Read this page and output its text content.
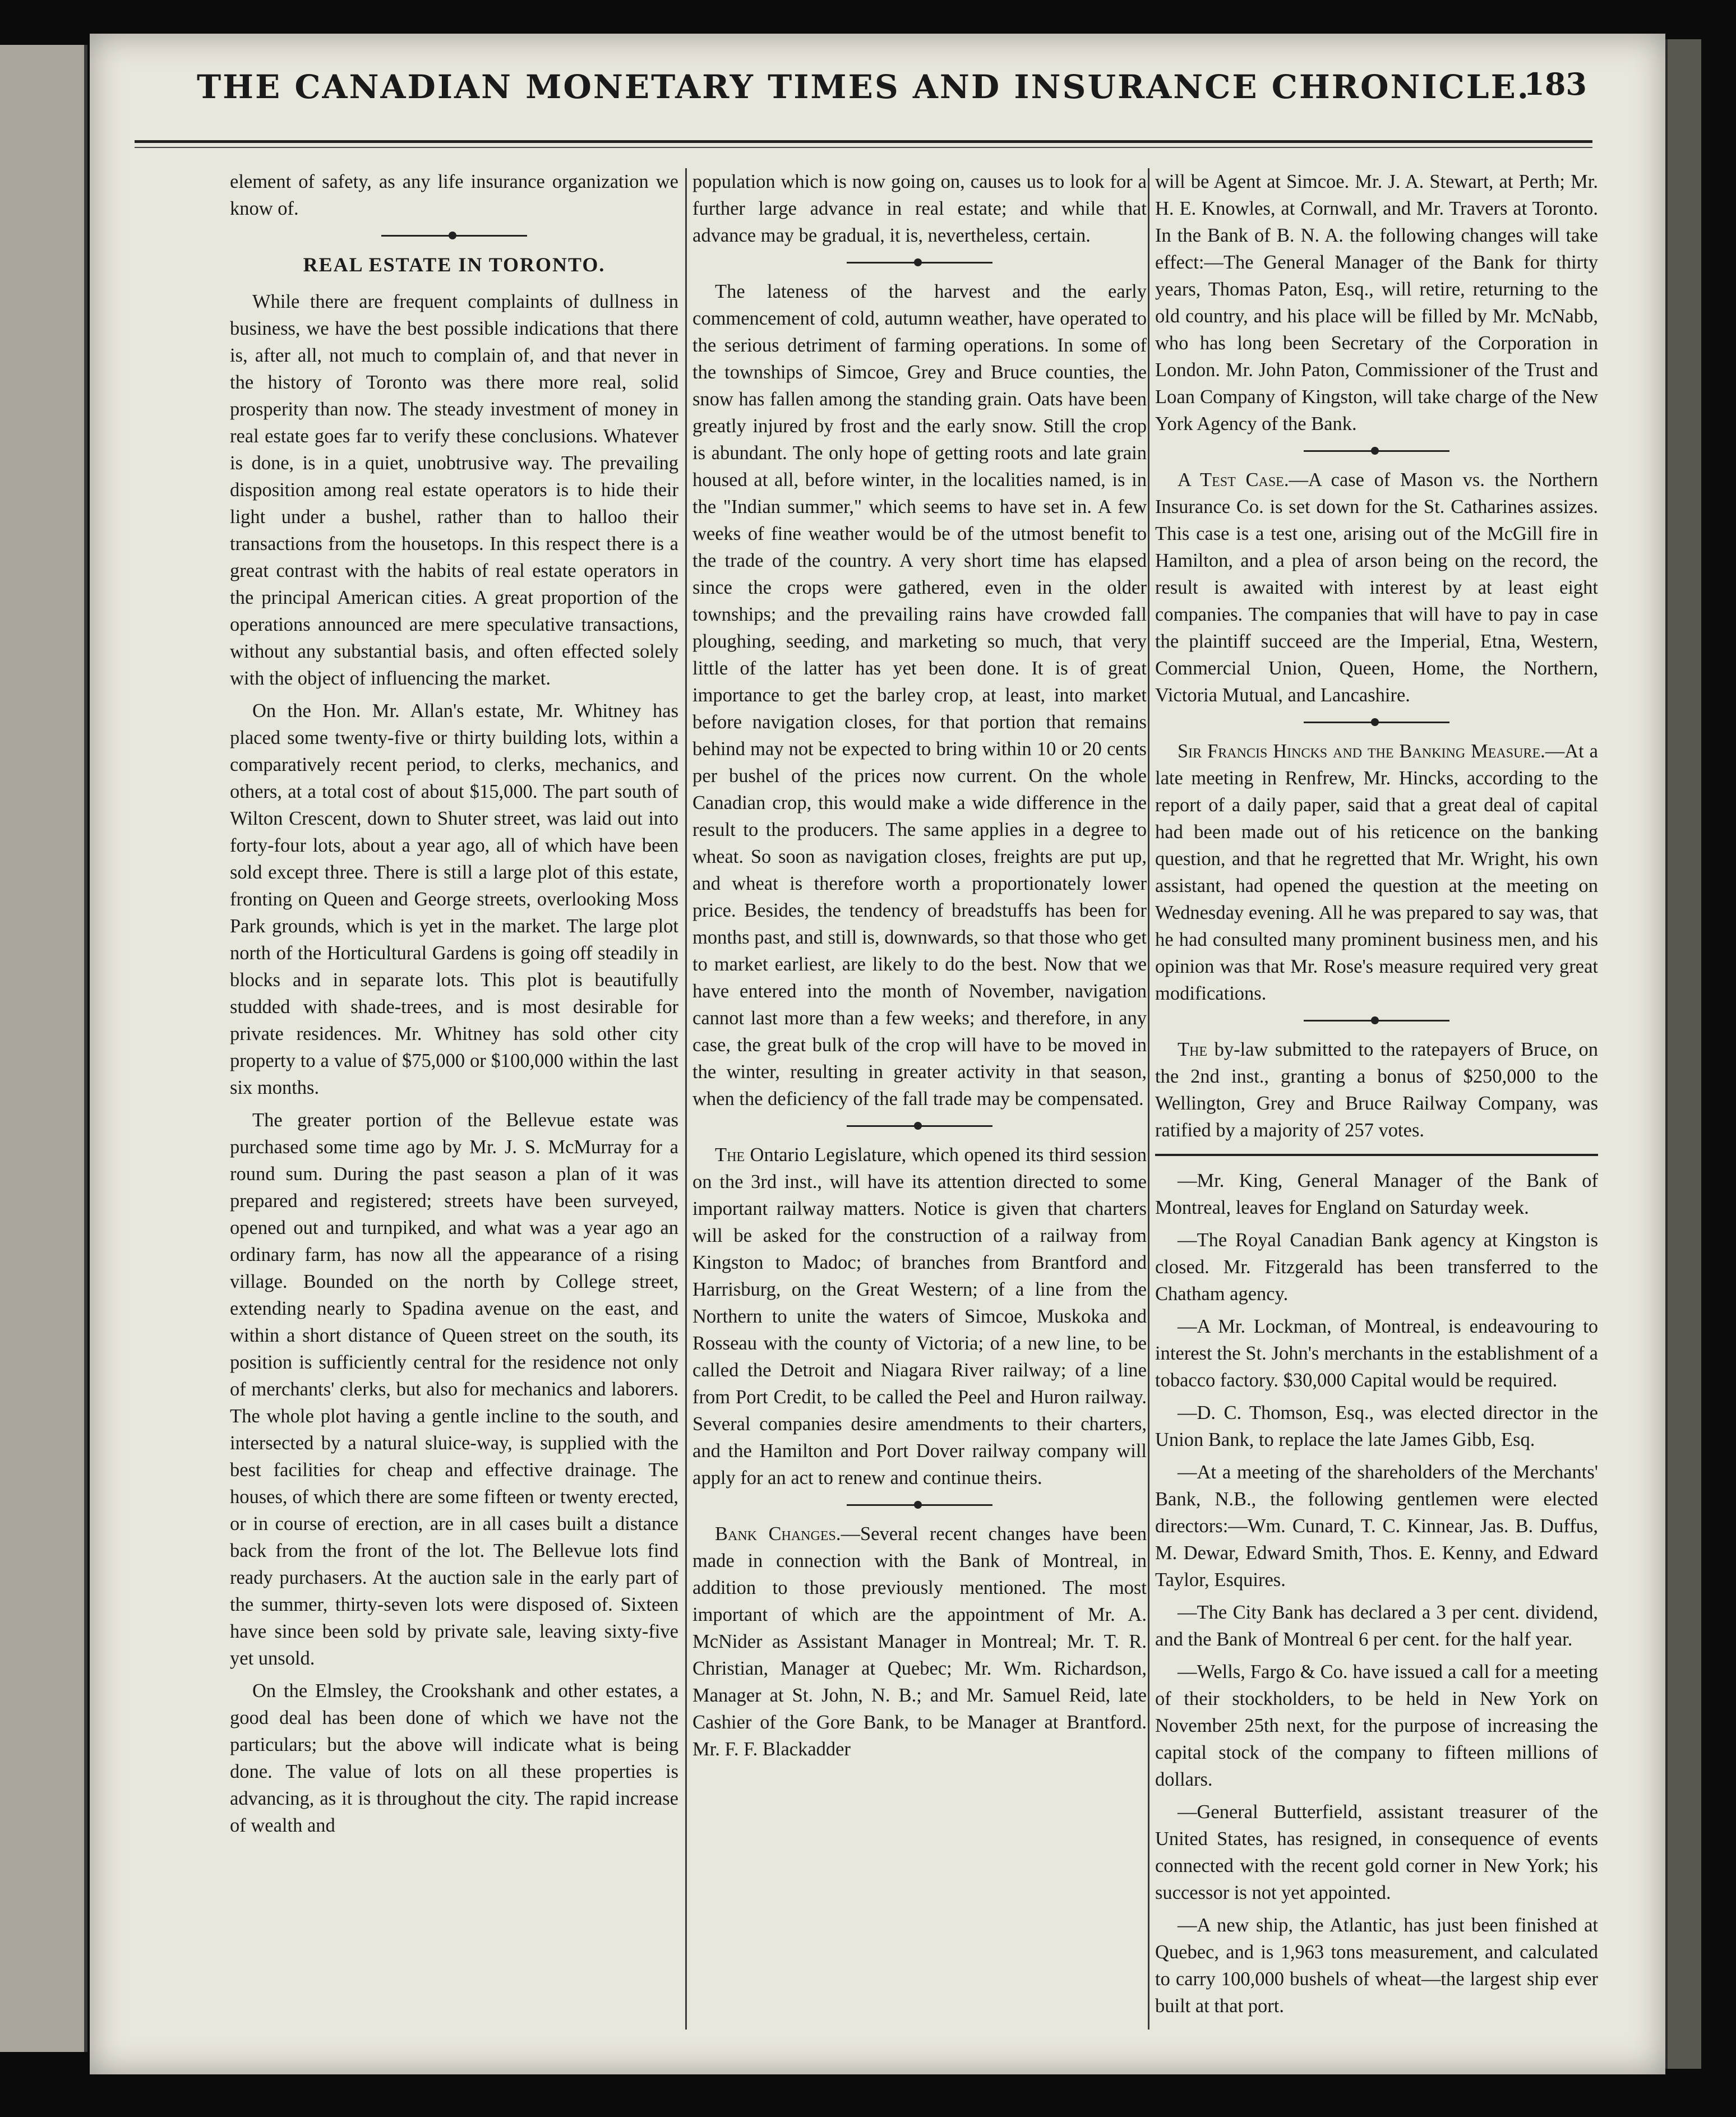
THE CANADIAN MONETARY TIMES AND INSURANCE CHRONICLE.
183

element of safety, as any life insurance organization we know of.

REAL ESTATE IN TORONTO.

While there are frequent complaints of dullness in business, we have the best possible indications that there is, after all, not much to complain of, and that never in the history of Toronto was there more real, solid prosperity than now. The steady investment of money in real estate goes far to verify these conclusions. Whatever is done, is in a quiet, unobtrusive way. The prevailing disposition among real estate operators is to hide their light under a bushel, rather than to halloo their transactions from the housetops. In this respect there is a great contrast with the habits of real estate operators in the principal American cities. A great proportion of the operations announced are mere speculative transactions, without any substantial basis, and often effected solely with the object of influencing the market.

On the Hon. Mr. Allan's estate, Mr. Whitney has placed some twenty-five or thirty building lots, within a comparatively recent period, to clerks, mechanics, and others, at a total cost of about $15,000. The part south of Wilton Crescent, down to Shuter street, was laid out into forty-four lots, about a year ago, all of which have been sold except three. There is still a large plot of this estate, fronting on Queen and George streets, overlooking Moss Park grounds, which is yet in the market. The large plot north of the Horticultural Gardens is going off steadily in blocks and in separate lots. This plot is beautifully studded with shade-trees, and is most desirable for private residences. Mr. Whitney has sold other city property to a value of $75,000 or $100,000 within the last six months.

The greater portion of the Bellevue estate was purchased some time ago by Mr. J. S. McMurray for a round sum. During the past season a plan of it was prepared and registered; streets have been surveyed, opened out and turnpiked, and what was a year ago an ordinary farm, has now all the appearance of a rising village. Bounded on the north by College street, extending nearly to Spadina avenue on the east, and within a short distance of Queen street on the south, its position is sufficiently central for the residence not only of merchants' clerks, but also for mechanics and laborers. The whole plot having a gentle incline to the south, and intersected by a natural sluice-way, is supplied with the best facilities for cheap and effective drainage. The houses, of which there are some fifteen or twenty erected, or in course of erection, are in all cases built a distance back from the front of the lot. The Bellevue lots find ready purchasers. At the auction sale in the early part of the summer, thirty-seven lots were disposed of. Sixteen have since been sold by private sale, leaving sixty-five yet unsold.

On the Elmsley, the Crookshank and other estates, a good deal has been done of which we have not the particulars; but the above will indicate what is being done. The value of lots on all these properties is advancing, as it is throughout the city. The rapid increase of wealth and

population which is now going on, causes us to look for a further large advance in real estate; and while that advance may be gradual, it is, nevertheless, certain.

The lateness of the harvest and the early commencement of cold, autumn weather, have operated to the serious detriment of farming operations. In some of the townships of Simcoe, Grey and Bruce counties, the snow has fallen among the standing grain. Oats have been greatly injured by frost and the early snow. Still the crop is abundant. The only hope of getting roots and late grain housed at all, before winter, in the localities named, is in the "Indian summer," which seems to have set in. A few weeks of fine weather would be of the utmost benefit to the trade of the country. A very short time has elapsed since the crops were gathered, even in the older townships; and the prevailing rains have crowded fall ploughing, seeding, and marketing so much, that very little of the latter has yet been done. It is of great importance to get the barley crop, at least, into market before navigation closes, for that portion that remains behind may not be expected to bring within 10 or 20 cents per bushel of the prices now current. On the whole Canadian crop, this would make a wide difference in the result to the producers. The same applies in a degree to wheat. So soon as navigation closes, freights are put up, and wheat is therefore worth a proportionately lower price. Besides, the tendency of breadstuffs has been for months past, and still is, downwards, so that those who get to market earliest, are likely to do the best. Now that we have entered into the month of November, navigation cannot last more than a few weeks; and therefore, in any case, the great bulk of the crop will have to be moved in the winter, resulting in greater activity in that season, when the deficiency of the fall trade may be compensated.

The Ontario Legislature, which opened its third session on the 3rd inst., will have its attention directed to some important railway matters. Notice is given that charters will be asked for the construction of a railway from Kingston to Madoc; of branches from Brantford and Harrisburg, on the Great Western; of a line from the Northern to unite the waters of Simcoe, Muskoka and Rosseau with the county of Victoria; of a new line, to be called the Detroit and Niagara River railway; of a line from Port Credit, to be called the Peel and Huron railway. Several companies desire amendments to their charters, and the Hamilton and Port Dover railway company will apply for an act to renew and continue theirs.

Bank Changes.—Several recent changes have been made in connection with the Bank of Montreal, in addition to those previously mentioned. The most important of which are the appointment of Mr. A. McNider as Assistant Manager in Montreal; Mr. T. R. Christian, Manager at Quebec; Mr. Wm. Richardson, Manager at St. John, N. B.; and Mr. Samuel Reid, late Cashier of the Gore Bank, to be Manager at Brantford. Mr. F. F. Blackadder

will be Agent at Simcoe. Mr. J. A. Stewart, at Perth; Mr. H. E. Knowles, at Cornwall, and Mr. Travers at Toronto. In the Bank of B. N. A. the following changes will take effect:—The General Manager of the Bank for thirty years, Thomas Paton, Esq., will retire, returning to the old country, and his place will be filled by Mr. McNabb, who has long been Secretary of the Corporation in London. Mr. John Paton, Commissioner of the Trust and Loan Company of Kingston, will take charge of the New York Agency of the Bank.

A Test Case.—A case of Mason vs. the Northern Insurance Co. is set down for the St. Catharines assizes. This case is a test one, arising out of the McGill fire in Hamilton, and a plea of arson being on the record, the result is awaited with interest by at least eight companies. The companies that will have to pay in case the plaintiff succeed are the Imperial, Etna, Western, Commercial Union, Queen, Home, the Northern, Victoria Mutual, and Lancashire.

Sir Francis Hincks and the Banking Measure.—At a late meeting in Renfrew, Mr. Hincks, according to the report of a daily paper, said that a great deal of capital had been made out of his reticence on the banking question, and that he regretted that Mr. Wright, his own assistant, had opened the question at the meeting on Wednesday evening. All he was prepared to say was, that he had consulted many prominent business men, and his opinion was that Mr. Rose's measure required very great modifications.

The by-law submitted to the ratepayers of Bruce, on the 2nd inst., granting a bonus of $250,000 to the Wellington, Grey and Bruce Railway Company, was ratified by a majority of 257 votes.

—Mr. King, General Manager of the Bank of Montreal, leaves for England on Saturday week.

—The Royal Canadian Bank agency at Kingston is closed. Mr. Fitzgerald has been transferred to the Chatham agency.

—A Mr. Lockman, of Montreal, is endeavouring to interest the St. John's merchants in the establishment of a tobacco factory. $30,000 Capital would be required.

—D. C. Thomson, Esq., was elected director in the Union Bank, to replace the late James Gibb, Esq.

—At a meeting of the shareholders of the Merchants' Bank, N.B., the following gentlemen were elected directors:—Wm. Cunard, T. C. Kinnear, Jas. B. Duffus, M. Dewar, Edward Smith, Thos. E. Kenny, and Edward Taylor, Esquires.

—The City Bank has declared a 3 per cent. dividend, and the Bank of Montreal 6 per cent. for the half year.

—Wells, Fargo & Co. have issued a call for a meeting of their stockholders, to be held in New York on November 25th next, for the purpose of increasing the capital stock of the company to fifteen millions of dollars.

—General Butterfield, assistant treasurer of the United States, has resigned, in consequence of events connected with the recent gold corner in New York; his successor is not yet appointed.

—A new ship, the Atlantic, has just been finished at Quebec, and is 1,963 tons measurement, and calculated to carry 100,000 bushels of wheat—the largest ship ever built at that port.
